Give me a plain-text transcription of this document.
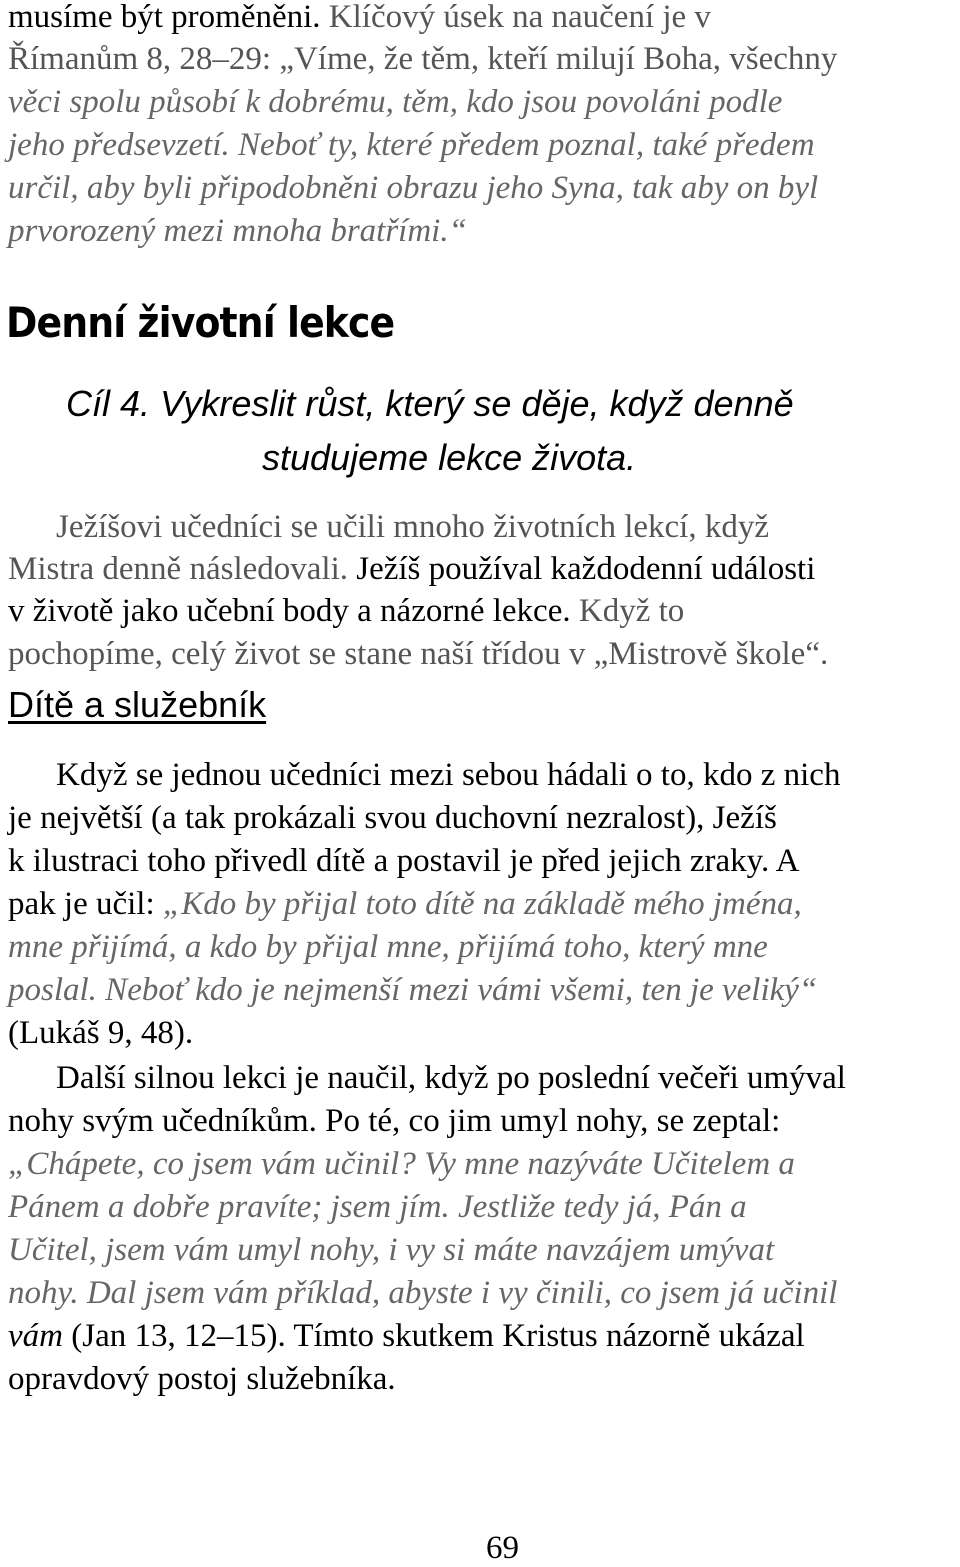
musíme být proměněni. Klíčový úsek na naučení je v
Římanům 8, 28–29: „Víme, že těm, kteří milují Boha, všechny
věci spolu působí k dobrému, těm, kdo jsou povoláni podle
jeho předsevzetí. Neboť ty, které předem poznal, také předem
určil, aby byli připodobněni obrazu jeho Syna, tak aby on byl
prvorozený mezi mnoha bratřími.“
Denní životní lekce
Cíl 4. Vykreslit růst, který se děje, když denně
studujeme lekce života.
Ježíšovi učedníci se učili mnoho životních lekcí, když
Mistra denně následovali. Ježíš používal každodenní události
v životě jako učební body a názorné lekce. Když to
pochopíme, celý život se stane naší třídou v „Mistrově škole“.
Dítě a služebník
Když se jednou učedníci mezi sebou hádali o to, kdo z nich
je největší (a tak prokázali svou duchovní nezralost), Ježíš
k ilustraci toho přivedl dítě a postavil je před jejich zraky. A
pak je učil: „Kdo by přijal toto dítě na základě mého jména,
mne přijímá, a kdo by přijal mne, přijímá toho, který mne
poslal. Neboť kdo je nejmenší mezi vámi všemi, ten je veliký“
(Lukáš 9, 48).
Další silnou lekci je naučil, když po poslední večeři umýval
nohy svým učedníkům. Po té, co jim umyl nohy, se zeptal:
„Chápete, co jsem vám učinil? Vy mne nazýváte Učitelem a
Pánem a dobře pravíte; jsem jím. Jestliže tedy já, Pán a
Učitel, jsem vám umyl nohy, i vy si máte navzájem umývat
nohy. Dal jsem vám příklad, abyste i vy činili, co jsem já učinil
vám (Jan 13, 12–15). Tímto skutkem Kristus názorně ukázal
opravdový postoj služebníka.
69
